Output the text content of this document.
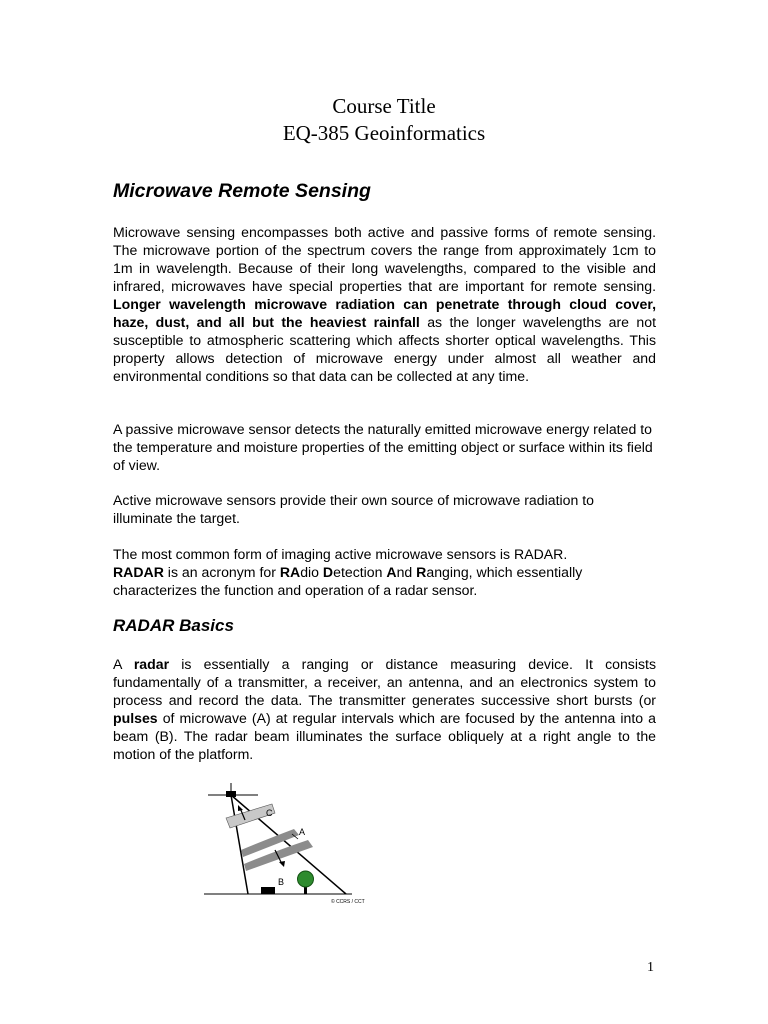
Course Title
EQ-385 Geoinformatics
Microwave Remote Sensing
Microwave sensing encompasses both active and passive forms of remote sensing. The microwave portion of the spectrum covers the range from approximately 1cm to 1m in wavelength. Because of their long wavelengths, compared to the visible and infrared, microwaves have special properties that are important for remote sensing. Longer wavelength microwave radiation can penetrate through cloud cover, haze, dust, and all but the heaviest rainfall as the longer wavelengths are not susceptible to atmospheric scattering which affects shorter optical wavelengths. This property allows detection of microwave energy under almost all weather and environmental conditions so that data can be collected at any time.
A passive microwave sensor detects the naturally emitted microwave energy related to the temperature and moisture properties of the emitting object or surface within its field of view.
Active microwave sensors provide their own source of microwave radiation to illuminate the target.
The most common form of imaging active microwave sensors is RADAR.
RADAR is an acronym for RAdio Detection And Ranging, which essentially characterizes the function and operation of a radar sensor.
RADAR Basics
A radar is essentially a ranging or distance measuring device. It consists fundamentally of a transmitter, a receiver, an antenna, and an electronics system to process and record the data. The transmitter generates successive short bursts (or pulses of microwave (A) at regular intervals which are focused by the antenna into a beam (B). The radar beam illuminates the surface obliquely at a right angle to the motion of the platform.
C
A
B
© CCRS / CCT
1
